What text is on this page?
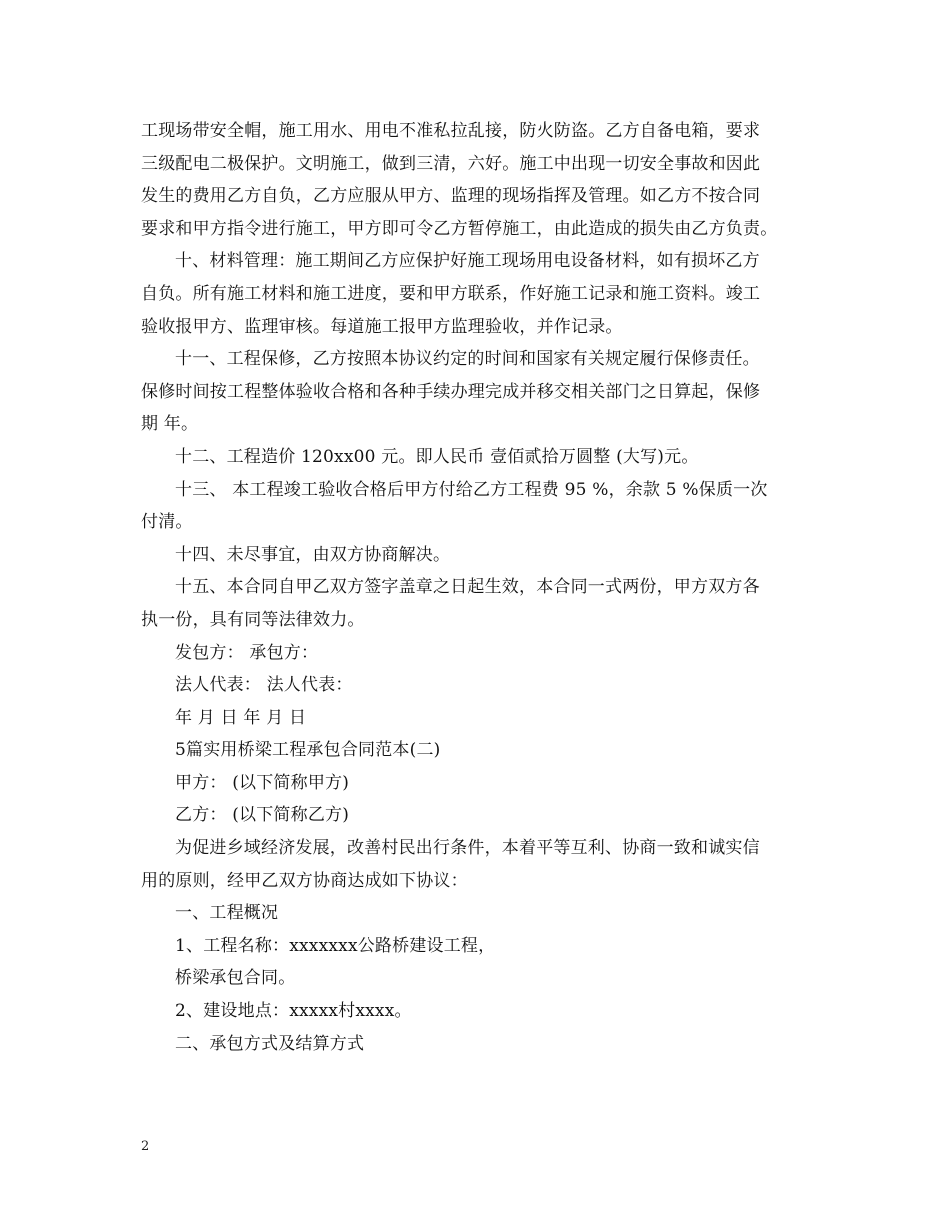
工现场带安全帽，施工用水、用电不准私拉乱接，防火防盗。乙方自备电箱，要求
三级配电二极保护。文明施工，做到三清，六好。施工中出现一切安全事故和因此
发生的费用乙方自负，乙方应服从甲方、监理的现场指挥及管理。如乙方不按合同
要求和甲方指令进行施工，甲方即可令乙方暂停施工，由此造成的损失由乙方负责。
十、材料管理：施工期间乙方应保护好施工现场用电设备材料，如有损坏乙方
自负。所有施工材料和施工进度，要和甲方联系，作好施工记录和施工资料。竣工
验收报甲方、监理审核。每道施工报甲方监理验收，并作记录。
十一、工程保修，乙方按照本协议约定的时间和国家有关规定履行保修责任。
保修时间按工程整体验收合格和各种手续办理完成并移交相关部门之日算起，保修
期 年。
十二、工程造价 120xx00 元。即人民币 壹佰贰拾万圆整 (大写)元。
十三、 本工程竣工验收合格后甲方付给乙方工程费 95 %，余款 5 %保质一次
付清。
十四、未尽事宜，由双方协商解决。
十五、本合同自甲乙双方签字盖章之日起生效，本合同一式两份，甲方双方各
执一份，具有同等法律效力。
发包方： 承包方：
法人代表： 法人代表：
年 月 日 年 月 日
5篇实用桥梁工程承包合同范本(二)
甲方： (以下简称甲方)
乙方： (以下简称乙方)
为促进乡域经济发展，改善村民出行条件，本着平等互利、协商一致和诚实信
用的原则，经甲乙双方协商达成如下协议：
一、工程概况
1、工程名称：xxxxxxx公路桥建设工程，
桥梁承包合同。
2、建设地点：xxxxx村xxxx。
二、承包方式及结算方式
2
